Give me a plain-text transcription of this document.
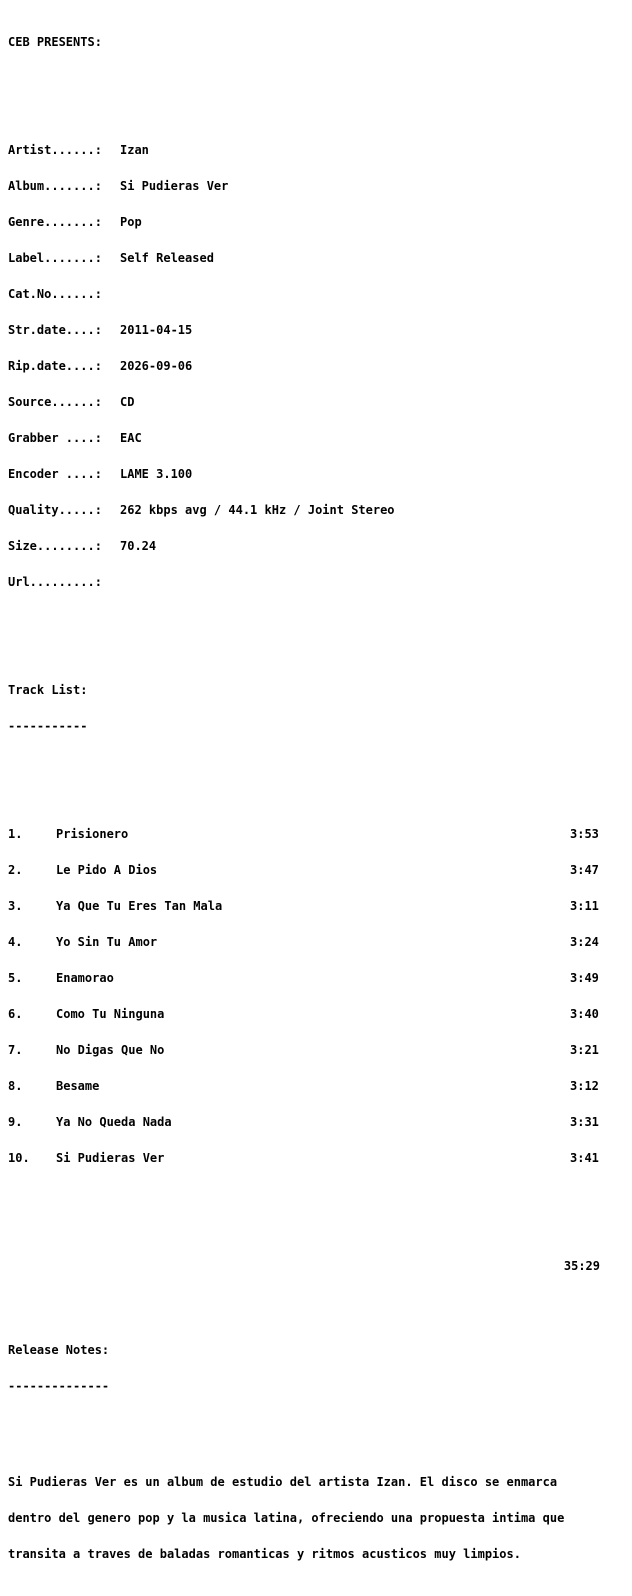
CEB PRESENTS:

Artist......:	Izan

Album.......:	Si Pudieras Ver

Genre.......:	Pop

Label.......:	Self Released

Cat.No......:

Str.date....:	2011-04-15

Rip.date....:	2026-09-06

Source......:	CD

Grabber ....:	EAC

Encoder ....:	LAME 3.100

Quality.....:	262 kbps avg / 44.1 kHz / Joint Stereo

Size........:	70.24

Url.........:

Track List:

-----------

1.	Prisionero	3:53

2.	Le Pido A Dios	3:47

3.	Ya Que Tu Eres Tan Mala	3:11

4.	Yo Sin Tu Amor	3:24

5.	Enamorao	3:49

6.	Como Tu Ninguna	3:40

7.	No Digas Que No	3:21

8.	Besame	3:12

9.	Ya No Queda Nada	3:31

10.	Si Pudieras Ver	3:41

35:29

Release Notes:

--------------

Si Pudieras Ver es un album de estudio del artista Izan. El disco se enmarca

dentro del genero pop y la musica latina, ofreciendo una propuesta intima que

transita a traves de baladas romanticas y ritmos acusticos muy limpios.
